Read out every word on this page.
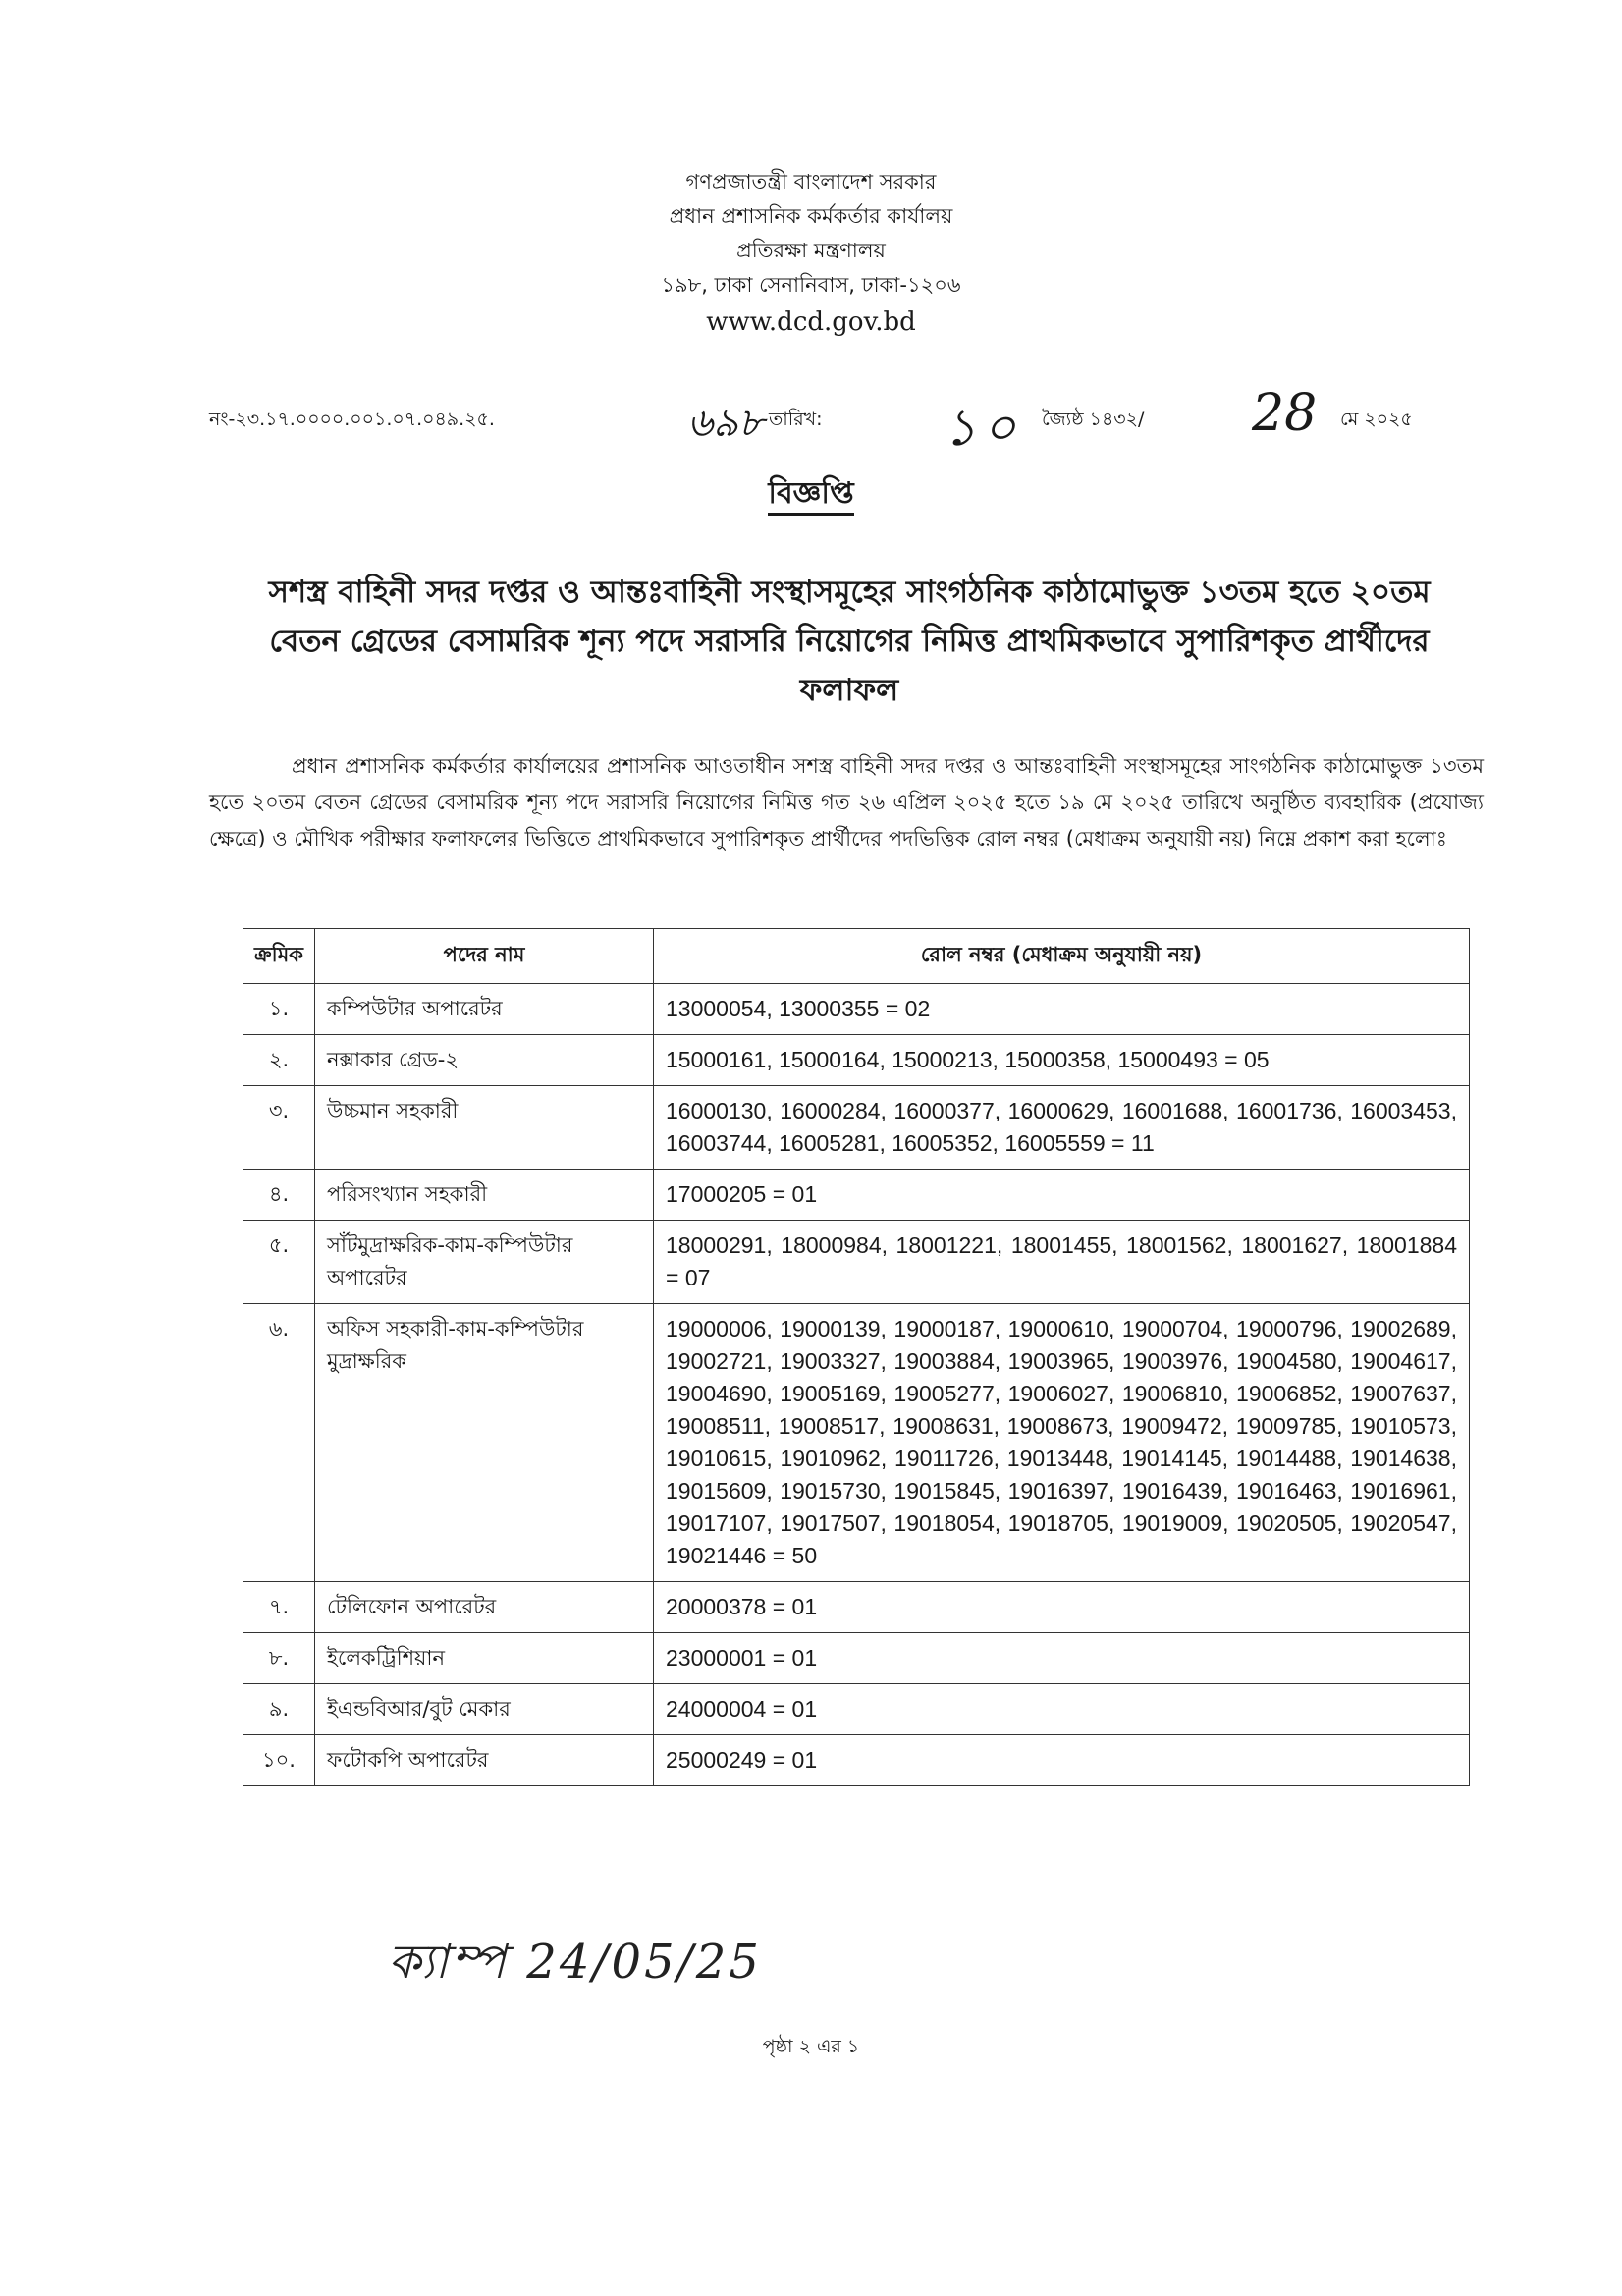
গণপ্রজাতন্ত্রী বাংলাদেশ সরকার
প্রধান প্রশাসনিক কর্মকর্তার কার্যালয়
প্রতিরক্ষা মন্ত্রণালয়
১৯৮, ঢাকা সেনানিবাস, ঢাকা-১২০৬
www.dcd.gov.bd
নং-২৩.১৭.০০০০.০০১.০৭.০৪৯.২৫.	৬৯৮ তারিখ: ১০ জ্যৈষ্ঠ ১৪৩২/ 28 মে ২০২৫
বিজ্ঞপ্তি
সশস্ত্র বাহিনী সদর দপ্তর ও আন্তঃবাহিনী সংস্থাসমূহের সাংগঠনিক কাঠামোভুক্ত ১৩তম হতে ২০তম বেতন গ্রেডের বেসামরিক শূন্য পদে সরাসরি নিয়োগের নিমিত্ত প্রাথমিকভাবে সুপারিশকৃত প্রার্থীদের ফলাফল
প্রধান প্রশাসনিক কর্মকর্তার কার্যালয়ের প্রশাসনিক আওতাধীন সশস্ত্র বাহিনী সদর দপ্তর ও আন্তঃবাহিনী সংস্থাসমূহের সাংগঠনিক কাঠামোভুক্ত ১৩তম হতে ২০তম বেতন গ্রেডের বেসামরিক শূন্য পদে সরাসরি নিয়োগের নিমিত্ত গত ২৬ এপ্রিল ২০২৫ হতে ১৯ মে ২০২৫ তারিখে অনুষ্ঠিত ব্যবহারিক (প্রযোজ্য ক্ষেত্রে) ও মৌখিক পরীক্ষার ফলাফলের ভিত্তিতে প্রাথমিকভাবে সুপারিশকৃত প্রার্থীদের পদভিত্তিক রোল নম্বর (মেধাক্রম অনুযায়ী নয়) নিম্নে প্রকাশ করা হলোঃ
ক্রমিক	পদের নাম	রোল নম্বর (মেধাক্রম অনুযায়ী নয়)
১.	কম্পিউটার অপারেটর	13000054, 13000355 = 02
২.	নক্সাকার গ্রেড-২	15000161, 15000164, 15000213, 15000358, 15000493 = 05
৩.	উচ্চমান সহকারী	16000130, 16000284, 16000377, 16000629, 16001688, 16001736, 16003453, 16003744, 16005281, 16005352, 16005559 = 11
৪.	পরিসংখ্যান সহকারী	17000205 = 01
৫.	সাঁটমুদ্রাক্ষরিক-কাম-কম্পিউটার অপারেটর	18000291, 18000984, 18001221, 18001455, 18001562, 18001627, 18001884 = 07
৬.	অফিস সহকারী-কাম-কম্পিউটার মুদ্রাক্ষরিক	19000006, 19000139, 19000187, 19000610, 19000704, 19000796, 19002689, 19002721, 19003327, 19003884, 19003965, 19003976, 19004580, 19004617, 19004690, 19005169, 19005277, 19006027, 19006810, 19006852, 19007637, 19008511, 19008517, 19008631, 19008673, 19009472, 19009785, 19010573, 19010615, 19010962, 19011726, 19013448, 19014145, 19014488, 19014638, 19015609, 19015730, 19015845, 19016397, 19016439, 19016463, 19016961, 19017107, 19017507, 19018054, 19018705, 19019009, 19020505, 19020547, 19021446 = 50
৭.	টেলিফোন অপারেটর	20000378 = 01
৮.	ইলেকট্রিশিয়ান	23000001 = 01
৯.	ইএন্ডবিআর/বুট মেকার	24000004 = 01
১০.	ফটোকপি অপারেটর	25000249 = 01
ক্যাম্প 24/05/25
পৃষ্ঠা ২ এর ১
